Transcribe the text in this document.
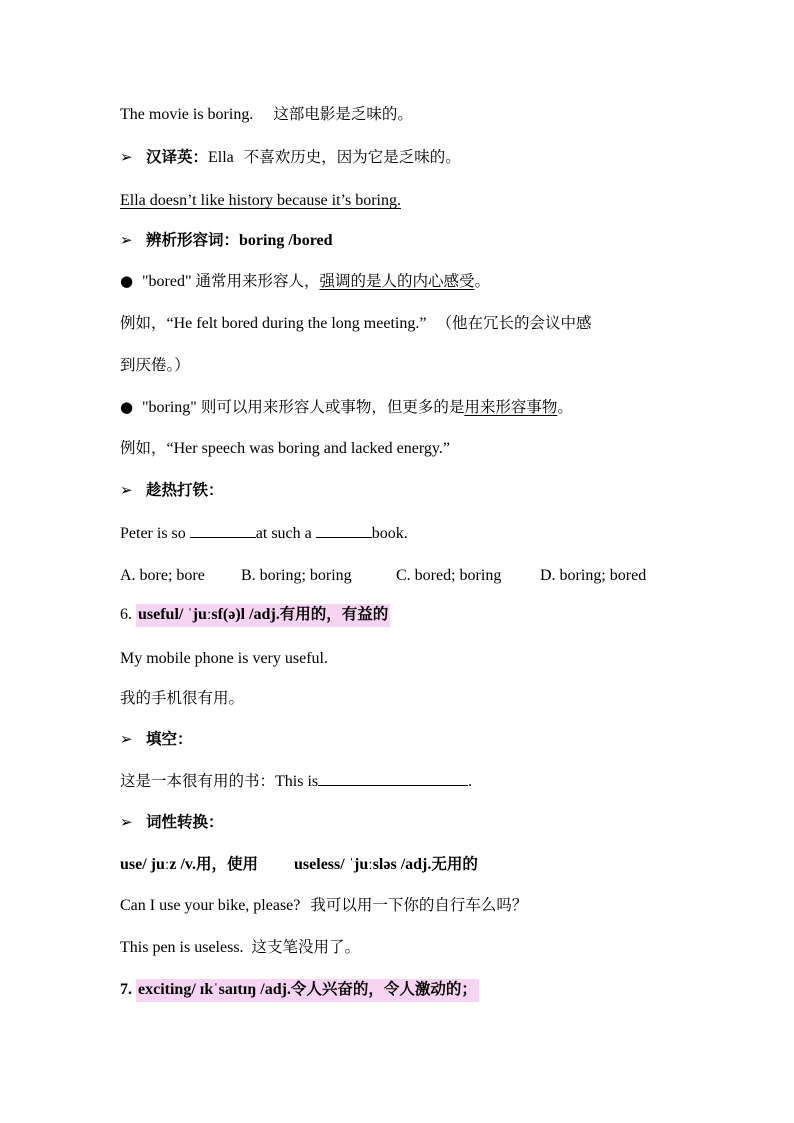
The movie is boring. 这部电影是乏味的。
➢ 汉译英：Ella 不喜欢历史，因为它是乏味的。
Ella doesn’t like history because it’s boring.
➢ 辨析形容词：boring /bored
● "bored" 通常用来形容人，强调的是人的内心感受。
例如，“He felt bored during the long meeting.” （他在冗长的会议中感
到厌倦。）
● "boring" 则可以用来形容人或事物，但更多的是用来形容事物。
例如，“Her speech was boring and lacked energy.”
➢ 趁热打铁：
Peter is so	at such a	book.
A. bore; bore B. boring; boring	C. bored; boring D. boring; bored
6. useful/ ˈjuːsf(ə)l /adj.有用的，有益的
My mobile phone is very useful.
我的手机很有用。
➢ 填空：
这是一本很有用的书：This is	.
➢ 词性转换：
use/ juːz /v.用，使用 useless/ ˈjuːsləs /adj.无用的
Can I use your bike, please? 我可以用一下你的自行车么吗？
This pen is useless. 这支笔没用了。
7. exciting/ ɪkˈsaɪtɪŋ /adj.令人兴奋的，令人激动的；
